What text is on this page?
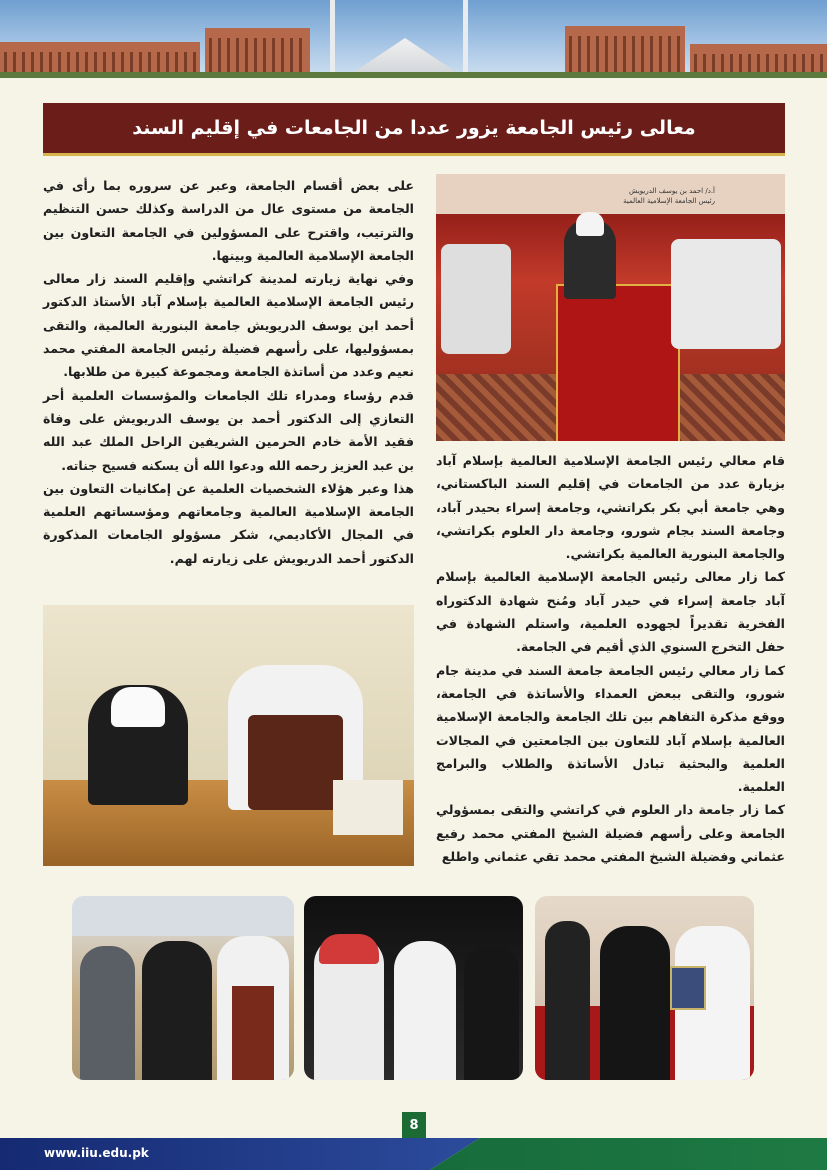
معالى رئيس الجامعة يزور عددا من الجامعات في إقليم السند

على بعض أقسام الجامعة، وعبر عن سروره بما رأى في الجامعة من مستوى عال من الدراسة وكذلك حسن التنظيم والترتيب، واقترح على المسؤولين في الجامعة التعاون بين الجامعة الإسلامية العالمية وبينها.

وفي نهاية زيارته لمدينة كراتشي وإقليم السند زار معالى رئيس الجامعة الإسلامية العالمية بإسلام آباد الأستاذ الدكتور أحمد ابن يوسف الدريويش جامعة البنورية العالمية، والتقى بمسؤوليها، على رأسهم فضيلة رئيس الجامعة المفتي محمد نعيم وعدد من أساتذة الجامعة ومجموعة كبيرة من طلابها.

قدم رؤساء ومدراء تلك الجامعات والمؤسسات العلمية أحر التعازي إلى الدكتور أحمد بن يوسف الدريويش على وفاة فقيد الأمة خادم الحرمين الشريفين الراحل الملك عبد الله بن عبد العزيز رحمه الله ودعوا الله أن يسكنه فسيح جناته.

هذا وعبر هؤلاء الشخصيات العلمية عن إمكانيات التعاون بين الجامعة الإسلامية العالمية وجامعاتهم ومؤسساتهم العلمية في المجال الأكاديمي، شكر مسؤولو الجامعات المذكورة الدكتور أحمد الدريويش على زيارته لهم.

أ.د/ احمد بن يوسف الدريويش
رئيس الجامعة الإسلامية العالمية

قام معالي رئيس الجامعة الإسلامية العالمية بإسلام آباد بزيارة عدد من الجامعات في إقليم السند الباكستاني، وهي جامعة أبي بكر بكراتشي، وجامعة إسراء بحيدر آباد، وجامعة السند بجام شورو، وجامعة دار العلوم بكراتشي، والجامعة البنورية العالمية بكراتشي.

كما زار معالى رئيس الجامعة الإسلامية العالمية بإسلام آباد جامعة إسراء في حيدر آباد ومُنح شهادة الدكتوراه الفخرية تقديراً لجهوده العلمية، واستلم الشهادة في حفل التخرج السنوي الذي أقيم في الجامعة.

كما زار معالي رئيس الجامعة جامعة السند في مدينة جام شورو، والتقى ببعض العمداء والأساتذة في الجامعة، ووقع مذكرة التفاهم بين تلك الجامعة والجامعة الإسلامية العالمية بإسلام آباد للتعاون بين الجامعتين في المجالات العلمية والبحثية تبادل الأساتذة والطلاب والبرامج العلمية.

كما زار جامعة دار العلوم في كراتشي والتقى بمسؤولي الجامعة وعلى رأسهم فضيلة الشيخ المفتي محمد رفيع عثماني وفضيلة الشيخ المفتي محمد تقي عثماني واطلع

8
www.iiu.edu.pk
